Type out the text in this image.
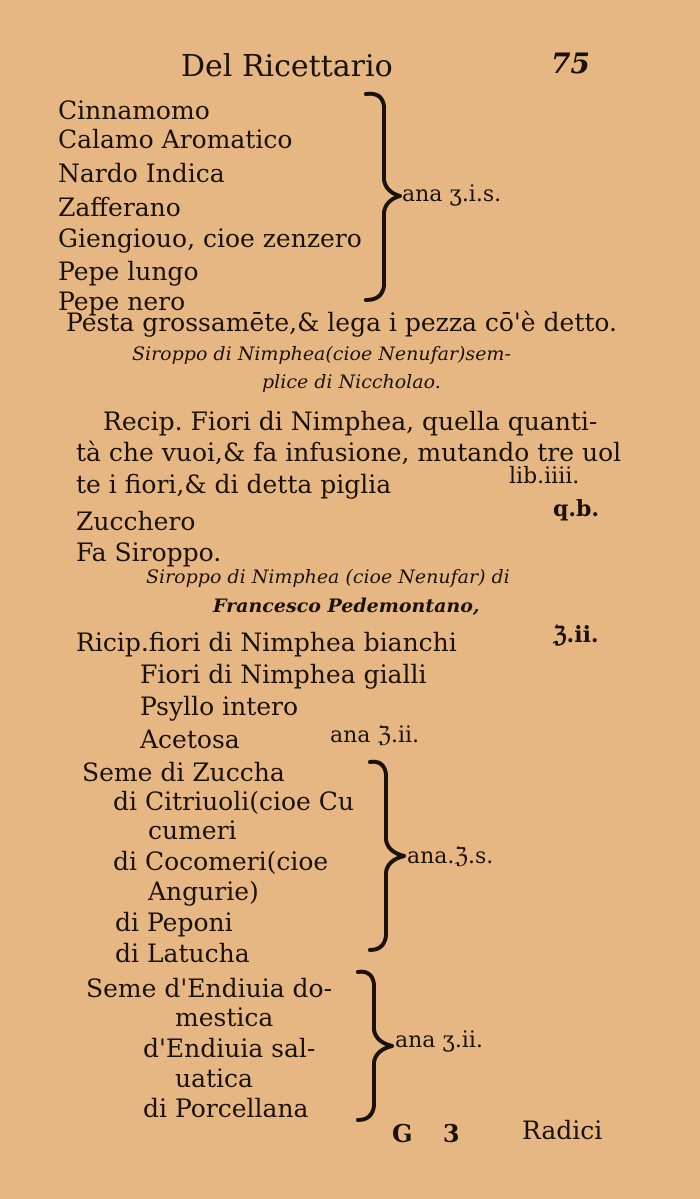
Del Ricettario	75
Cinnamomo
Calamo Aromatico
Nardo Indica
Zafferano
Giengiouo, cioe zenzero
Pepe lungo
Pepe nero
ana ʒ.i.s.
Pesta grossamēte,& lega i pezza cō'è detto.
Siroppo di Nimphea(cioe Nenufar)sem-
plice di Niccholao.
Recip. Fiori di Nimphea, quella quanti-
tà che vuoi,& fa infusione, mutando tre uol
te i fiori,& di detta piglia	lib.iiii.
Zucchero	q.b.
Fa Siroppo.
Siroppo di Nimphea (cioe Nenufar) di
Francesco Pedemontano,
Ricip.fiori di Nimphea bianchi	ℨ.ii.
Fiori di Nimphea gialli
Psyllo intero
Acetosa	ana ℨ.ii.
Seme di Zuccha
di Citriuoli(cioe Cu
cumeri
di Cocomeri(cioe
Angurie)
di Peponi
di Latucha
ana.ℨ.s.
Seme d'Endiuia do-
mestica
d'Endiuia sal-
uatica
di Porcellana
ana ʒ.ii.
G 3 Radici
